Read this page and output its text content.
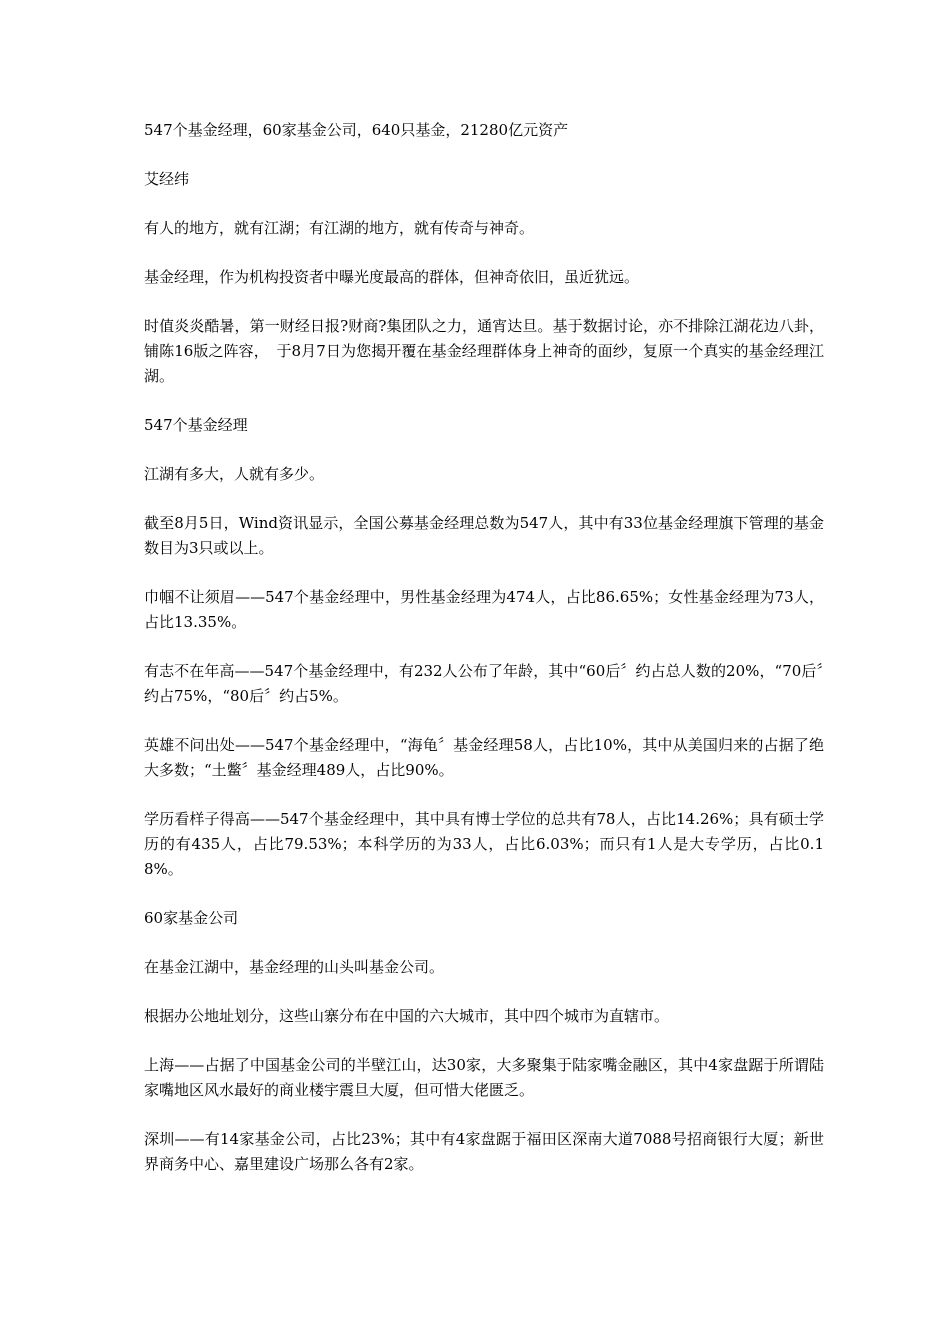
547个基金经理，60家基金公司，640只基金，21280亿元资产

艾经纬

有人的地方，就有江湖；有江湖的地方，就有传奇与神奇。

基金经理，作为机构投资者中曝光度最高的群体，但神奇依旧，虽近犹远。

时值炎炎酷暑，第一财经日报?财商?集团队之力，通宵达旦。基于数据讨论，亦不排除江湖花边八卦，铺陈16版之阵容，　于8月7日为您揭开覆在基金经理群体身上神奇的面纱，复原一个真实的基金经理江湖。

547个基金经理

江湖有多大，人就有多少。

截至8月5日，Wind资讯显示，全国公募基金经理总数为547人，其中有33位基金经理旗下管理的基金数目为3只或以上。

巾帼不让须眉——547个基金经理中，男性基金经理为474人，占比86.65%；女性基金经理为73人，占比13.35%。

有志不在年高——547个基金经理中，有232人公布了年龄，其中“60后〞约占总人数的20%，“70后〞约占75%，“80后〞约占5%。

英雄不问出处——547个基金经理中，“海龟〞基金经理58人，占比10%，其中从美国归来的占据了绝大多数；“土鳖〞基金经理489人，占比90%。

学历看样子得高——547个基金经理中，其中具有博士学位的总共有78人，占比14.26%；具有硕士学历的有435人，占比79.53%；本科学历的为33人，占比6.03%；而只有1人是大专学历，占比0.18%。

60家基金公司

在基金江湖中，基金经理的山头叫基金公司。

根据办公地址划分，这些山寨分布在中国的六大城市，其中四个城市为直辖市。

上海——占据了中国基金公司的半壁江山，达30家，大多聚集于陆家嘴金融区，其中4家盘踞于所谓陆家嘴地区风水最好的商业楼宇震旦大厦，但可惜大佬匮乏。

深圳——有14家基金公司，占比23%；其中有4家盘踞于福田区深南大道7088号招商银行大厦；新世界商务中心、嘉里建设广场那么各有2家。
